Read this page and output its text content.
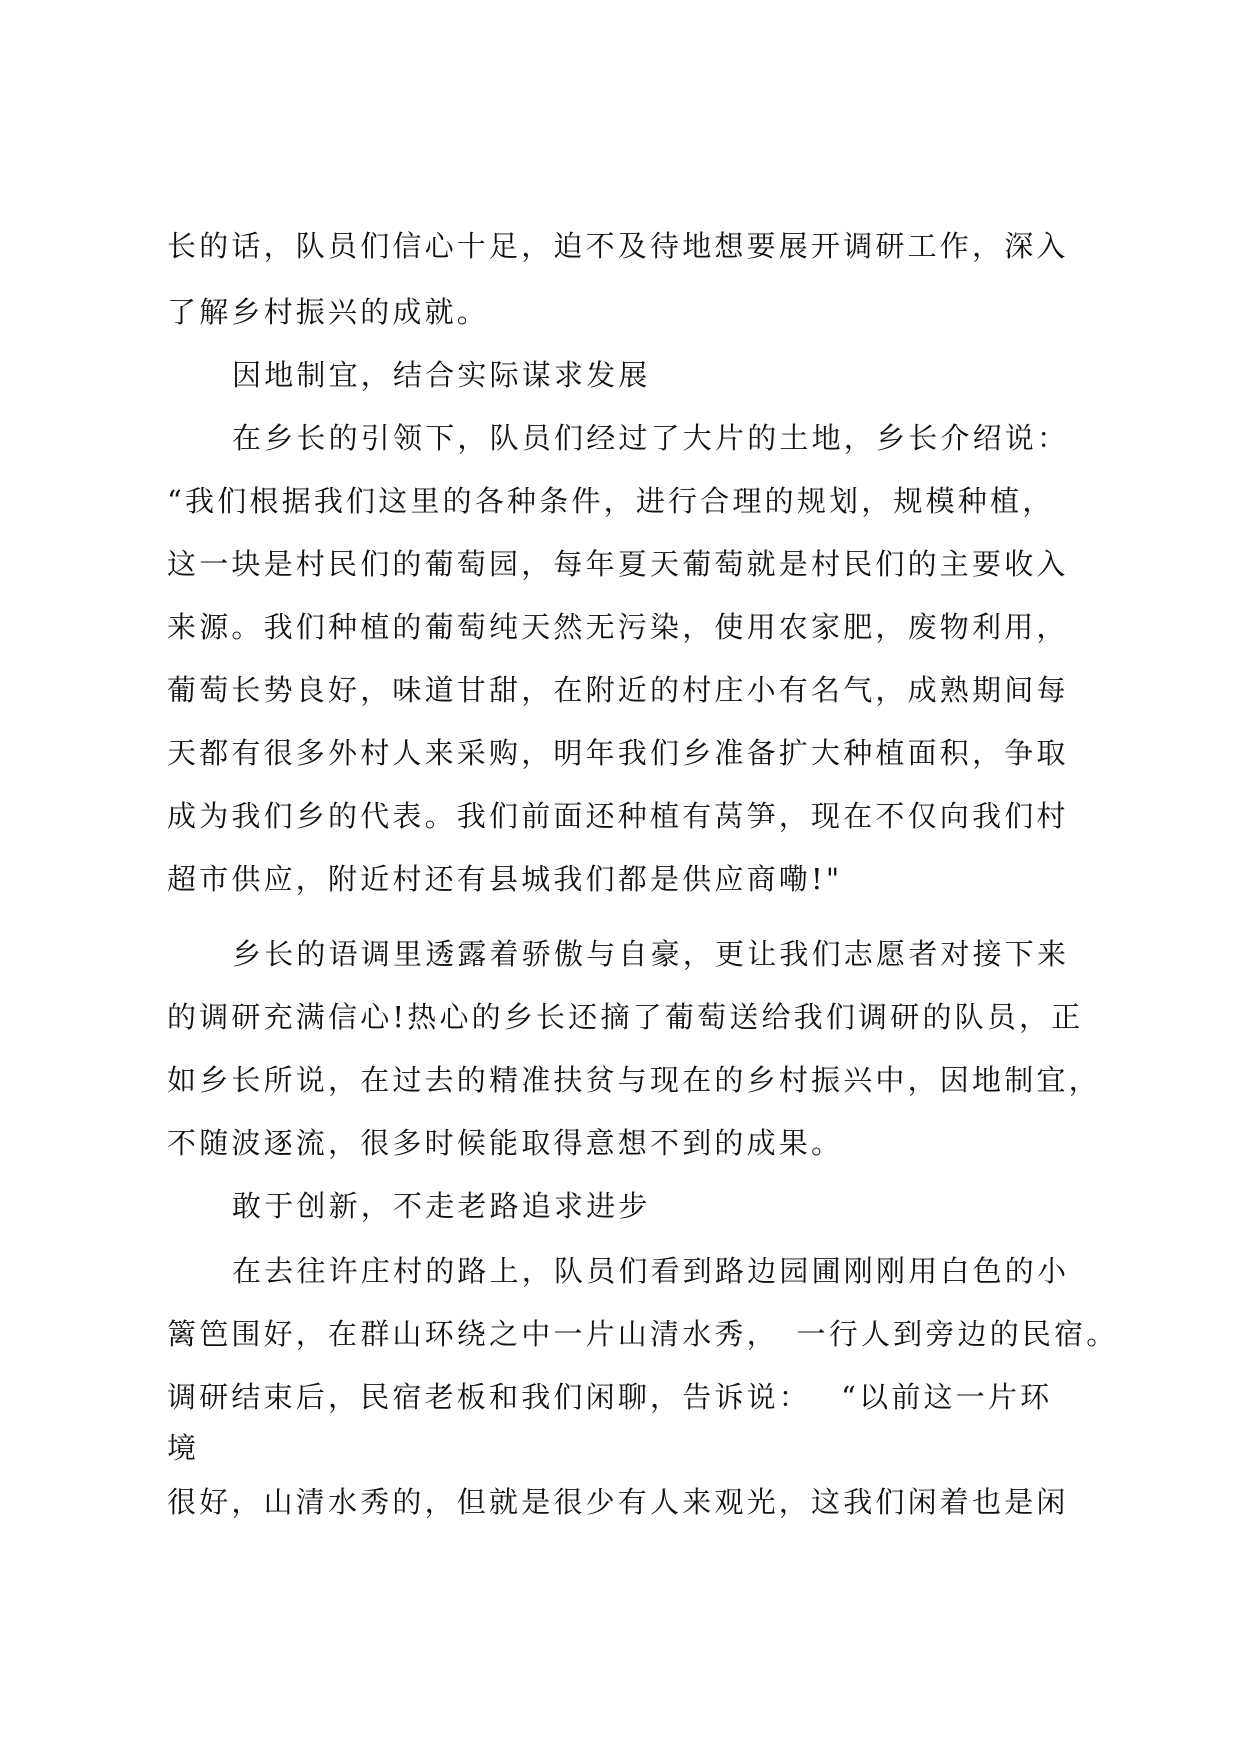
长的话，队员们信心十足，迫不及待地想要展开调研工作，深入
了解乡村振兴的成就。
因地制宜，结合实际谋求发展
在乡长的引领下，队员们经过了大片的土地，乡长介绍说：
“我们根据我们这里的各种条件，进行合理的规划，规模种植，
这一块是村民们的葡萄园，每年夏天葡萄就是村民们的主要收入
来源。我们种植的葡萄纯天然无污染，使用农家肥，废物利用，
葡萄长势良好，味道甘甜，在附近的村庄小有名气，成熟期间每
天都有很多外村人来采购，明年我们乡准备扩大种植面积，争取
成为我们乡的代表。我们前面还种植有莴笋，现在不仅向我们村
超市供应，附近村还有县城我们都是供应商嘞!"
乡长的语调里透露着骄傲与自豪，更让我们志愿者对接下来
的调研充满信心!热心的乡长还摘了葡萄送给我们调研的队员，正
如乡长所说，在过去的精准扶贫与现在的乡村振兴中，因地制宜，
不随波逐流，很多时候能取得意想不到的成果。
敢于创新，不走老路追求进步
在去往许庄村的路上，队员们看到路边园圃刚刚用白色的小
篱笆围好，在群山环绕之中一片山清水秀，　一行人到旁边的民宿。
调研结束后，民宿老板和我们闲聊，告诉说：　 “以前这一片环
境
很好，山清水秀的，但就是很少有人来观光，这我们闲着也是闲
